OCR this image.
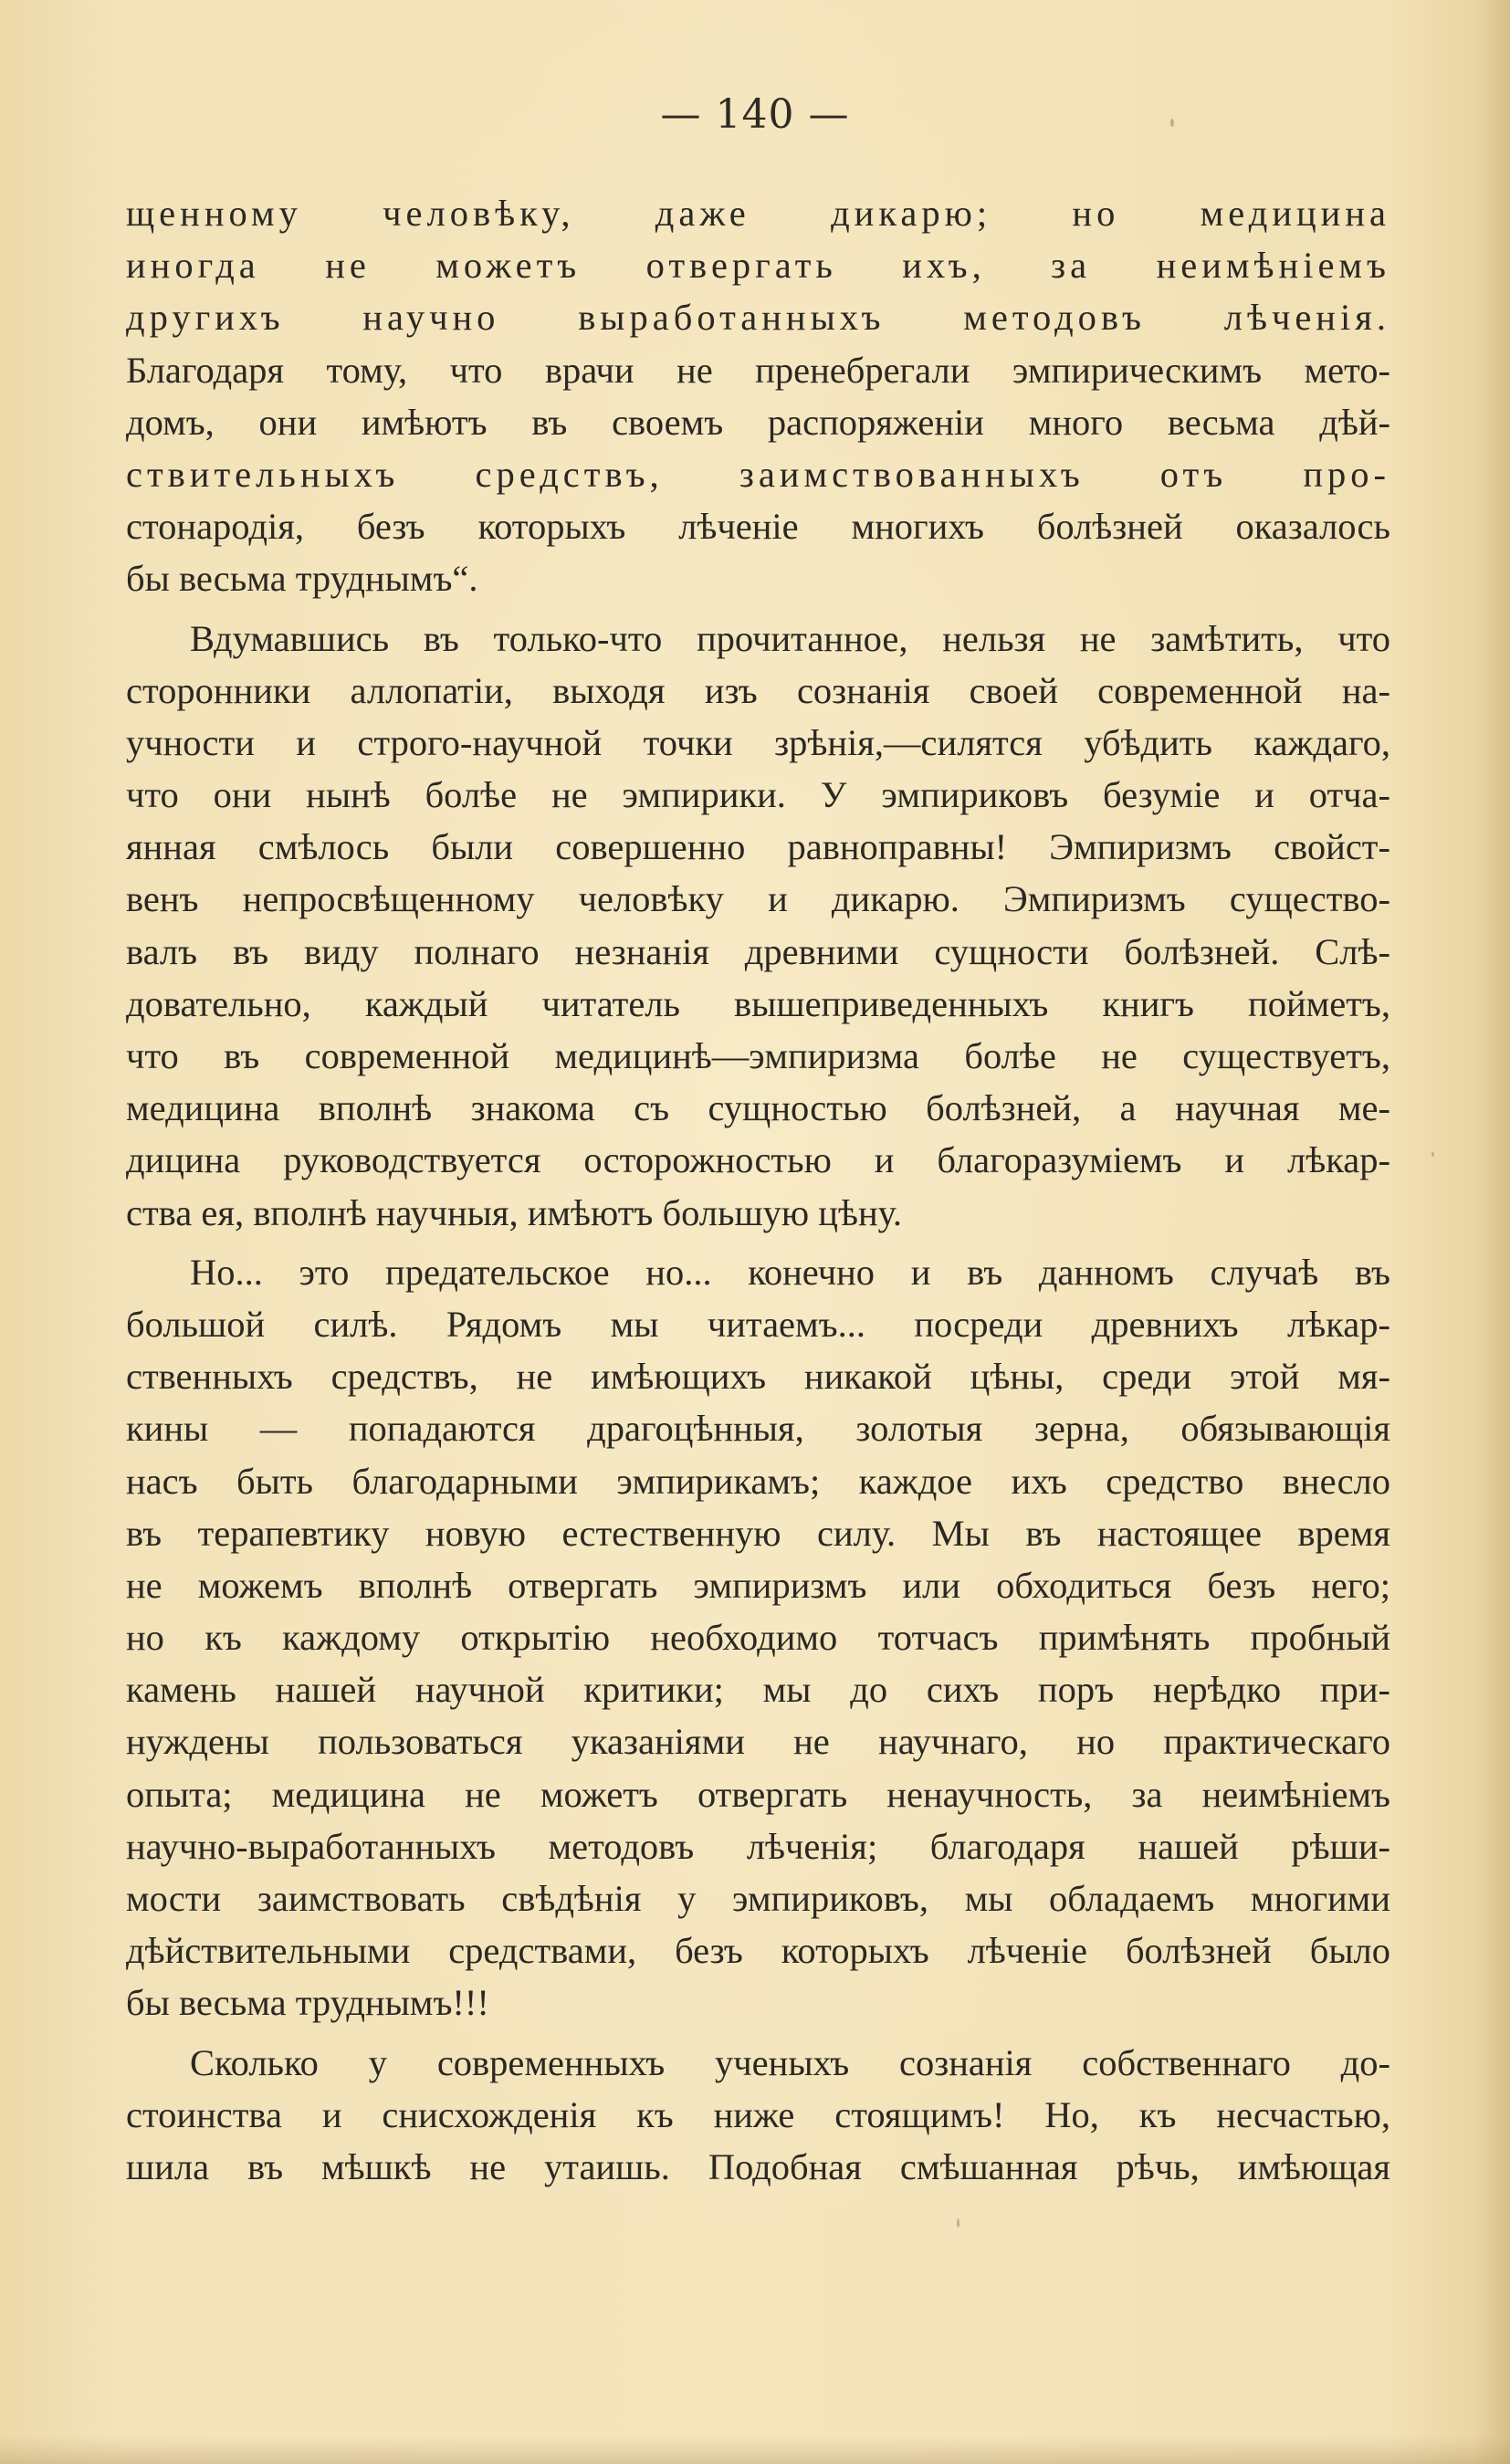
— 140 —
щенному человѣку, даже дикарю; но медицина
иногда не можетъ отвергать ихъ, за неимѣніемъ
другихъ научно выработанныхъ методовъ лѣченія.
Благодаря тому, что врачи не пренебрегали эмпирическимъ мето-
домъ, они имѣютъ въ своемъ распоряженіи много весьма дѣй-
ствительныхъ средствъ, заимствованныхъ отъ про-
стонародія, безъ которыхъ лѣченіе многихъ болѣзней оказалось
бы весьма труднымъ“.
Вдумавшись въ только-что прочитанное, нельзя не замѣтить, что
сторонники аллопатіи, выходя изъ сознанія своей современной на-
учности и строго-научной точки зрѣнія,—силятся убѣдить каждаго,
что они нынѣ болѣе не эмпирики. У эмпириковъ безуміе и отча-
янная смѣлось были совершенно равноправны! Эмпиризмъ свойст-
венъ непросвѣщенному человѣку и дикарю. Эмпиризмъ существо-
валъ въ виду полнаго незнанія древними сущности болѣзней. Слѣ-
довательно, каждый читатель вышеприведенныхъ книгъ пойметъ,
что въ современной медицинѣ—эмпиризма болѣе не существуетъ,
медицина вполнѣ знакома съ сущностью болѣзней, а научная ме-
дицина руководствуется осторожностью и благоразуміемъ и лѣкар-
ства ея, вполнѣ научныя, имѣютъ большую цѣну.
Но... это предательское но... конечно и въ данномъ случаѣ въ
большой силѣ. Рядомъ мы читаемъ... посреди древнихъ лѣкар-
ственныхъ средствъ, не имѣющихъ никакой цѣны, среди этой мя-
кины — попадаются драгоцѣнныя, золотыя зерна, обязывающія
насъ быть благодарными эмпирикамъ; каждое ихъ средство внесло
въ терапевтику новую естественную силу. Мы въ настоящее время
не можемъ вполнѣ отвергать эмпиризмъ или обходиться безъ него;
но къ каждому открытію необходимо тотчасъ примѣнять пробный
камень нашей научной критики; мы до сихъ поръ нерѣдко при-
нуждены пользоваться указаніями не научнаго, но практическаго
опыта; медицина не можетъ отвергать ненаучность, за неимѣніемъ
научно-выработанныхъ методовъ лѣченія; благодаря нашей рѣши-
мости заимствовать свѣдѣнія у эмпириковъ, мы обладаемъ многими
дѣйствительными средствами, безъ которыхъ лѣченіе болѣзней было
бы весьма труднымъ!!!
Сколько у современныхъ ученыхъ сознанія собственнаго до-
стоинства и снисхожденія къ ниже стоящимъ! Но, къ несчастью,
шила въ мѣшкѣ не утаишь. Подобная смѣшанная рѣчь, имѣющая
